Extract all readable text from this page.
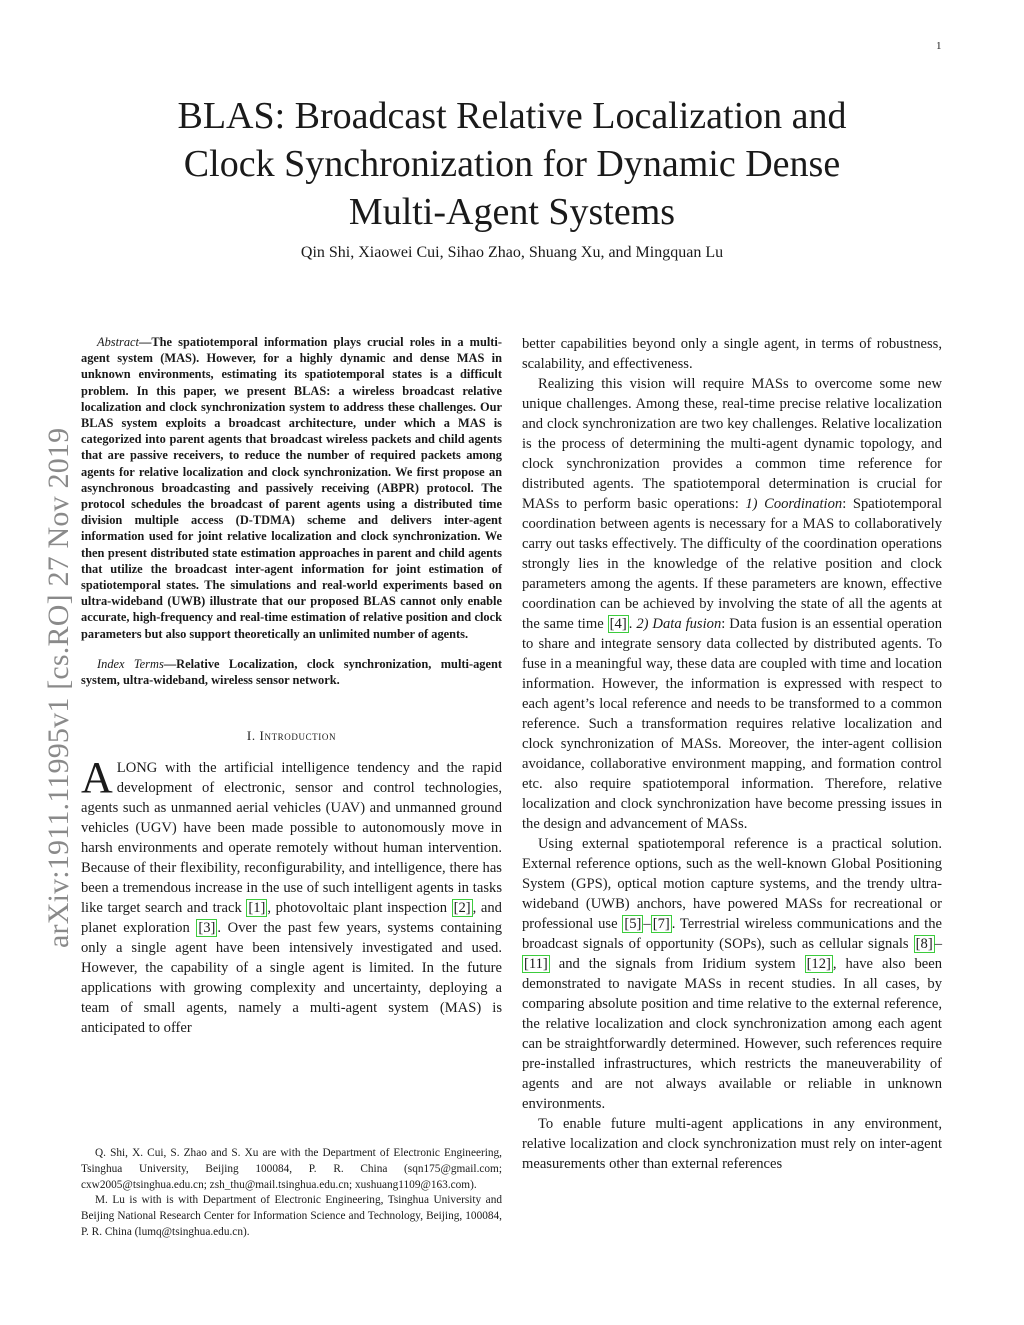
1
BLAS: Broadcast Relative Localization and
Clock Synchronization for Dynamic Dense
Multi-Agent Systems

Qin Shi, Xiaowei Cui, Sihao Zhao, Shuang Xu, and Mingquan Lu

arXiv:1911.11995v1 [cs.RO] 27 Nov 2019

Abstract—The spatiotemporal information plays crucial roles in a multi-agent system (MAS). However, for a highly dynamic and dense MAS in unknown environments, estimating its spatiotemporal states is a difficult problem. In this paper, we present BLAS: a wireless broadcast relative localization and clock synchronization system to address these challenges. Our BLAS system exploits a broadcast architecture, under which a MAS is categorized into parent agents that broadcast wireless packets and child agents that are passive receivers, to reduce the number of required packets among agents for relative localization and clock synchronization. We first propose an asynchronous broadcasting and passively receiving (ABPR) protocol. The protocol schedules the broadcast of parent agents using a distributed time division multiple access (D-TDMA) scheme and delivers inter-agent information used for joint relative localization and clock synchronization. We then present distributed state estimation approaches in parent and child agents that utilize the broadcast inter-agent information for joint estimation of spatiotemporal states. The simulations and real-world experiments based on ultra-wideband (UWB) illustrate that our proposed BLAS cannot only enable accurate, high-frequency and real-time estimation of relative position and clock parameters but also support theoretically an unlimited number of agents.

Index Terms—Relative Localization, clock synchronization, multi-agent system, ultra-wideband, wireless sensor network.

I. Introduction

ALONG with the artificial intelligence tendency and the rapid development of electronic, sensor and control technologies, agents such as unmanned aerial vehicles (UAV) and unmanned ground vehicles (UGV) have been made possible to autonomously move in harsh environments and operate remotely without human intervention. Because of their flexibility, reconfigurability, and intelligence, there has been a tremendous increase in the use of such intelligent agents in tasks like target search and track [1] , photovoltaic plant inspection [2] , and planet exploration [3] . Over the past few years, systems containing only a single agent have been intensively investigated and used. However, the capability of a single agent is limited. In the future applications with growing complexity and uncertainty, deploying a team of small agents, namely a multi-agent system (MAS) is anticipated to offer

Q. Shi, X. Cui, S. Zhao and S. Xu are with the Department of Electronic Engineering, Tsinghua University, Beijing 100084, P. R. China (sqn175@gmail.com; cxw2005@tsinghua.edu.cn; zsh_thu@mail.tsinghua.edu.cn; xushuang1109@163.com).

M. Lu is with is with Department of Electronic Engineering, Tsinghua University and Beijing National Research Center for Information Science and Technology, Beijing, 100084, P. R. China (lumq@tsinghua.edu.cn).

better capabilities beyond only a single agent, in terms of robustness, scalability, and effectiveness.

Realizing this vision will require MASs to overcome some new unique challenges. Among these, real-time precise relative localization and clock synchronization are two key challenges. Relative localization is the process of determining the multi-agent dynamic topology, and clock synchronization provides a common time reference for distributed agents. The spatiotemporal determination is crucial for MASs to perform basic operations: 1) Coordination: Spatiotemporal coordination between agents is necessary for a MAS to collaboratively carry out tasks effectively. The difficulty of the coordination operations strongly lies in the knowledge of the relative position and clock parameters among the agents. If these parameters are known, effective coordination can be achieved by involving the state of all the agents at the same time [4] . 2) Data fusion: Data fusion is an essential operation to share and integrate sensory data collected by distributed agents. To fuse in a meaningful way, these data are coupled with time and location information. However, the information is expressed with respect to each agent’s local reference and needs to be transformed to a common reference. Such a transformation requires relative localization and clock synchronization of MASs. Moreover, the inter-agent collision avoidance, collaborative environment mapping, and formation control etc. also require spatiotemporal information. Therefore, relative localization and clock synchronization have become pressing issues in the design and advancement of MASs.

Using external spatiotemporal reference is a practical solution. External reference options, such as the well-known Global Positioning System (GPS), optical motion capture systems, and the trendy ultra-wideband (UWB) anchors, have powered MASs for recreational or professional use [5] – [7] . Terrestrial wireless communications and the broadcast signals of opportunity (SOPs), such as cellular signals [8] –[11] and the signals from Iridium system [12] , have also been demonstrated to navigate MASs in recent studies. In all cases, by comparing absolute position and time relative to the external reference, the relative localization and clock synchronization among each agent can be straightforwardly determined. However, such references require pre-installed infrastructures, which restricts the maneuverability of agents and are not always available or reliable in unknown environments.

To enable future multi-agent applications in any environment, relative localization and clock synchronization must rely on inter-agent measurements other than external references
